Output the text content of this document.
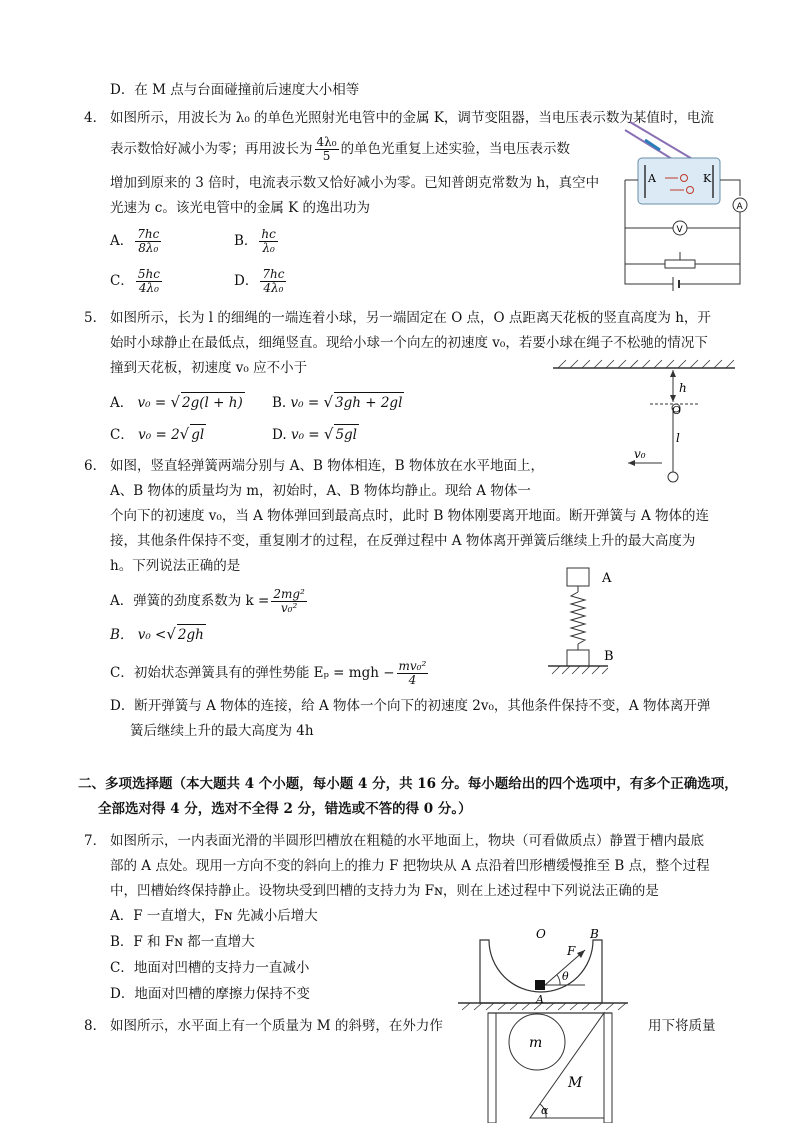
D．在 M 点与台面碰撞前后速度大小相等
4． 如图所示，用波长为 λ₀ 的单色光照射光电管中的金属 K，调节变阻器，当电压表示数为某值时，电流
表示数恰好减小为零；再用波长为 $\frac{\text{4λ₀}}{5}$ 的单色光重复上述实验，当电压表示数
增加到原来的 3 倍时，电流表示数又恰好减小为零。已知普朗克常数为 h，真空中
光速为 c。该光电管中的金属 K 的逸出功为
A． $\frac{7hc}{\text{8λ₀}}$	B． $\frac{hc}{\text{λ₀}}$
C． $\frac{5hc}{\text{4λ₀}}$	D． $\frac{7hc}{\text{4λ₀}}$
A	K
A
V
5． 如图所示，长为 l 的细绳的一端连着小球，另一端固定在 O 点，O 点距离天花板的竖直高度为 h，开
始时小球静止在最低点，细绳竖直。现给小球一个向左的初速度 v₀，若要小球在绳子不松驰的情况下
撞到天花板，初速度 v₀ 应不小于
A． v₀ = √ 2g(l + h) B. v₀ = √ 3gh + 2gl
C． v₀ = 2√ gl	D. v₀ = √ 5gl
h
O
l
v₀
6． 如图，竖直轻弹簧两端分别与 A、B 物体相连，B 物体放在水平地面上，
A、B 物体的质量均为 m，初始时，A、B 物体均静止。现给 A 物体一
个向下的初速度 v₀，当 A 物体弹回到最高点时，此时 B 物体刚要离开地面。断开弹簧与 A 物体的连
接，其他条件保持不变，重复刚才的过程，在反弹过程中 A 物体离开弹簧后继续上升的最大高度为
h。下列说法正确的是
A．弹簧的劲度系数为 $k = \frac{\text{2mg²}}{\text{v₀²}}$
B． v₀ <√ 2gh
C．初始状态弹簧具有的弹性势能 Eₚ = mgh − $\frac{\text{mv₀²}}{4}$
D．断开弹簧与 A 物体的连接，给 A 物体一个向下的初速度 2v₀，其他条件保持不变，A 物体离开弹
簧后继续上升的最大高度为 4h
A
B
二、多项选择题（本大题共 4 个小题，每小题 4 分，共 16 分。每小题给出的四个选项中，有多个正确选项，
全部选对得 4 分，选对不全得 2 分，错选或不答的得 0 分。）
7． 如图所示，一内表面光滑的半圆形凹槽放在粗糙的水平地面上，物块（可看做质点）静置于槽内最底
部的 A 点处。现用一方向不变的斜向上的推力 F 把物块从 A 点沿着凹形槽缓慢推至 B 点，整个过程
中，凹槽始终保持静止。设物块受到凹槽的支持力为 Fɴ，则在上述过程中下列说法正确的是
A．F 一直增大，Fɴ 先减小后增大
B．F 和 Fɴ 都一直增大
C．地面对凹槽的支持力一直减小
D．地面对凹槽的摩擦力保持不变
O	B
A
F
θ
8． 如图所示，水平面上有一个质量为 M 的斜劈，在外力作	用下将质量
m
M
α
